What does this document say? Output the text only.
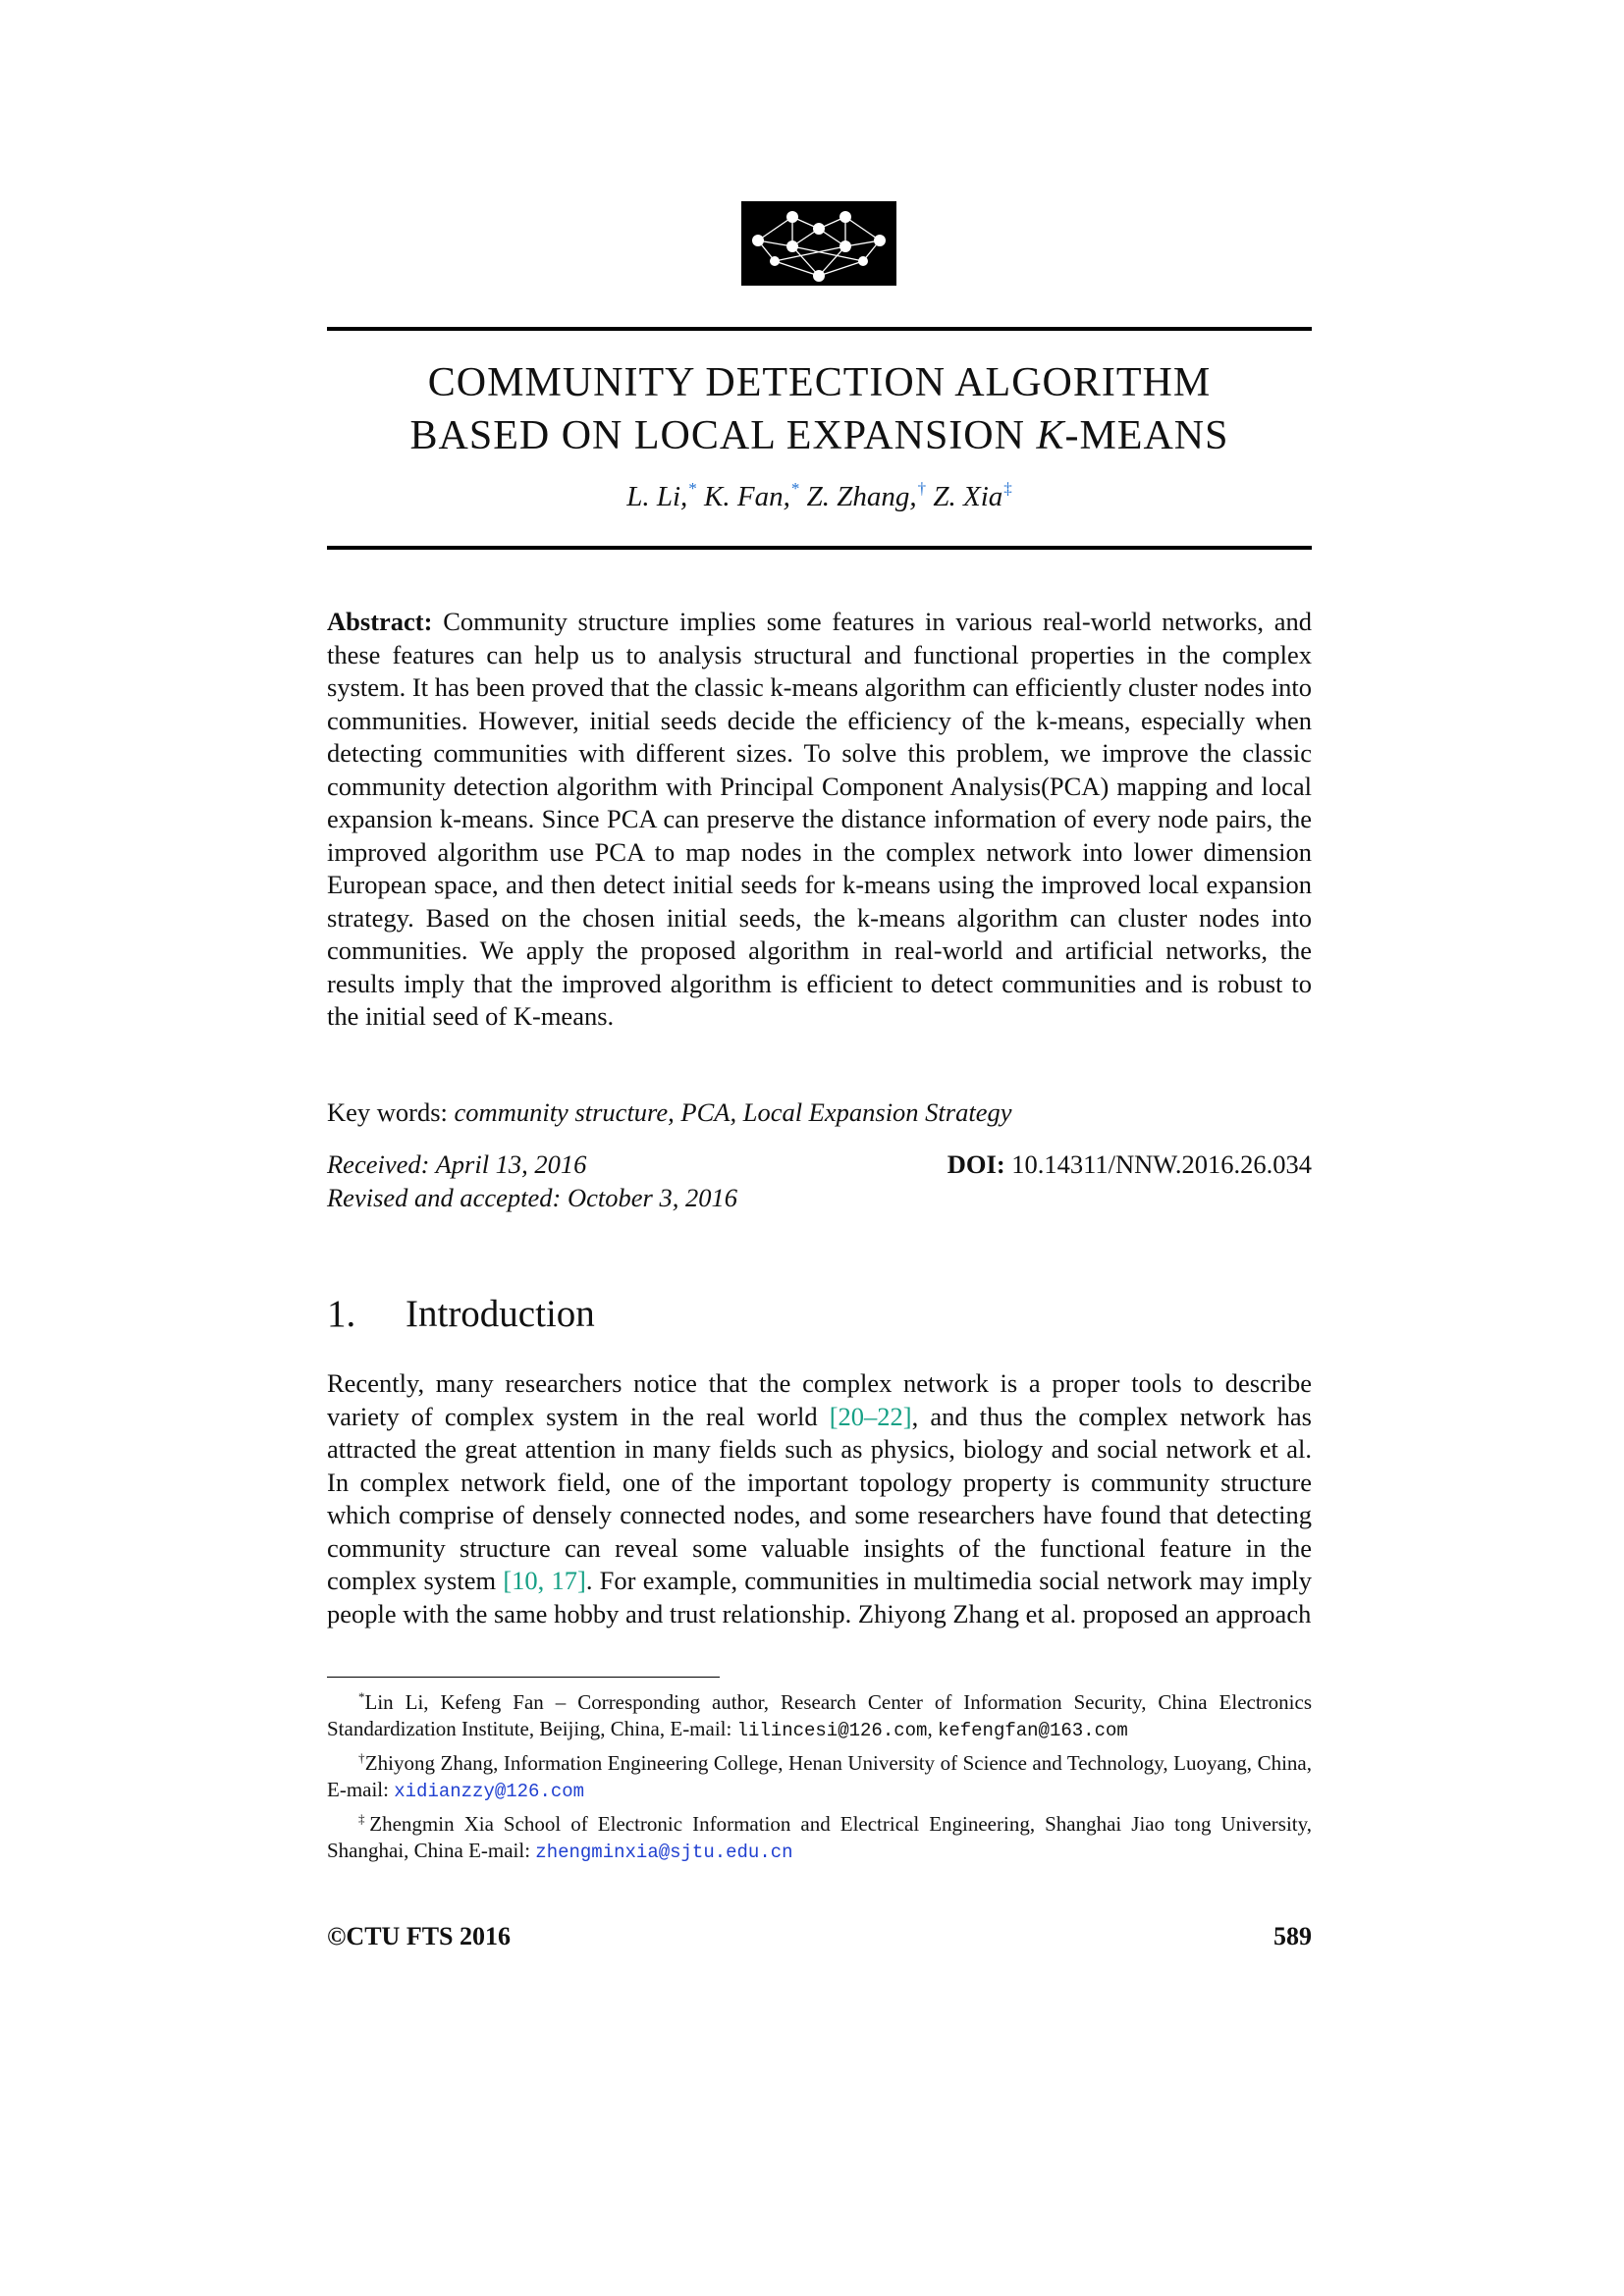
COMMUNITY DETECTION ALGORITHM
BASED ON LOCAL EXPANSION K-MEANS
L. Li,* K. Fan,* Z. Zhang,† Z. Xia‡

Abstract: Community structure implies some features in various real-world networks, and these features can help us to analysis structural and functional properties in the complex system. It has been proved that the classic k-means algorithm can efficiently cluster nodes into communities. However, initial seeds decide the efficiency of the k-means, especially when detecting communities with different sizes. To solve this problem, we improve the classic community detection algorithm with Principal Component Analysis(PCA) mapping and local expansion k-means. Since PCA can preserve the distance information of every node pairs, the improved algorithm use PCA to map nodes in the complex network into lower dimension European space, and then detect initial seeds for k-means using the improved local expansion strategy. Based on the chosen initial seeds, the k-means algorithm can cluster nodes into communities. We apply the proposed algorithm in real-world and artificial networks, the results imply that the improved algorithm is efficient to detect communities and is robust to the initial seed of K-means.

Key words: community structure, PCA, Local Expansion Strategy
Received: April 13, 2016
Revised and accepted: October 3, 2016
DOI: 10.14311/NNW.2016.26.034
1. Introduction

Recently, many researchers notice that the complex network is a proper tools to describe variety of complex system in the real world [20–22], and thus the complex network has attracted the great attention in many fields such as physics, biology and social network et al. In complex network field, one of the important topology property is community structure which comprise of densely connected nodes, and some researchers have found that detecting community structure can reveal some valuable insights of the functional feature in the complex system [10, 17]. For example, communities in multimedia social network may imply people with the same hobby and trust relationship. Zhiyong Zhang et al. proposed an approach

*Lin Li, Kefeng Fan – Corresponding author, Research Center of Information Security, China Electronics Standardization Institute, Beijing, China, E-mail: lilincesi@126.com, kefengfan@163.com

†Zhiyong Zhang, Information Engineering College, Henan University of Science and Technology, Luoyang, China, E-mail: xidianzzy@126.com

‡Zhengmin Xia School of Electronic Information and Electrical Engineering, Shanghai Jiao tong University, Shanghai, China E-mail: zhengminxia@sjtu.edu.cn

©CTU FTS 2016	589
